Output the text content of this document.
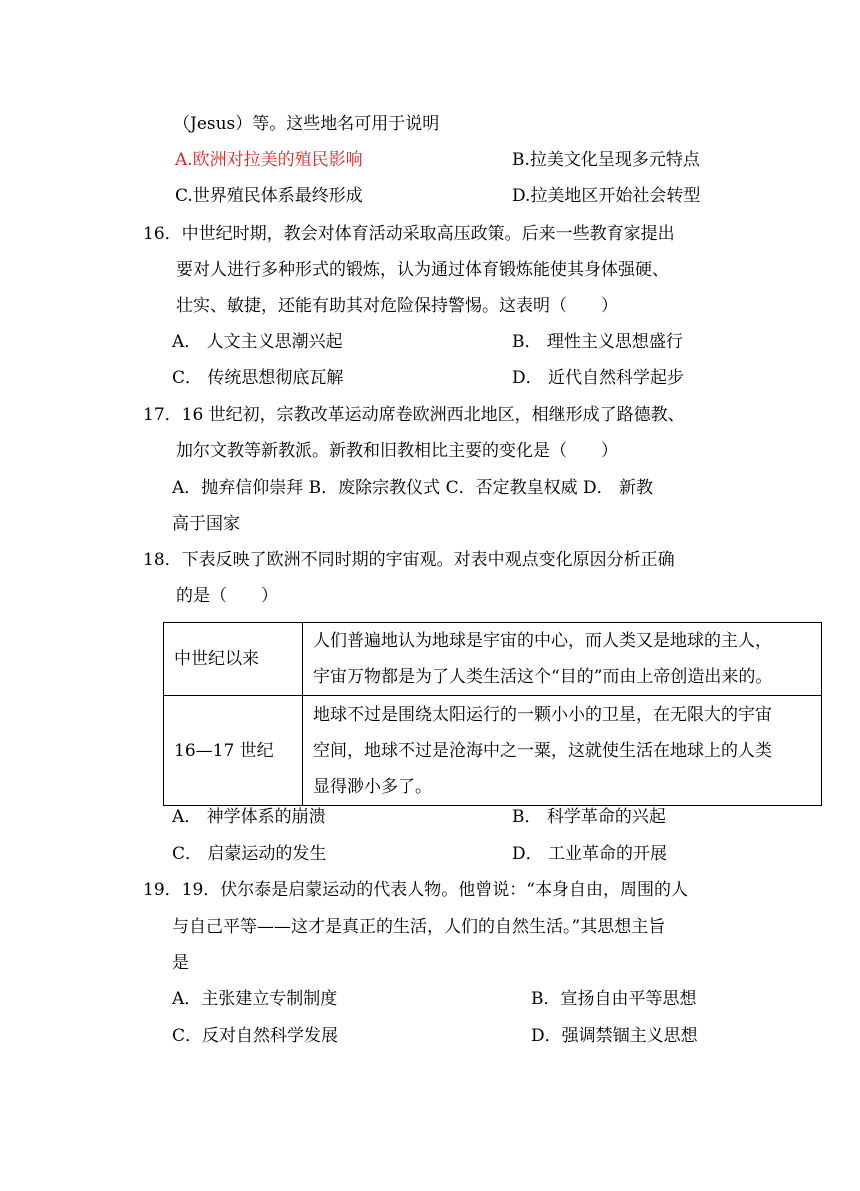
（Jesus）等。这些地名可用于说明
A.欧洲对拉美的殖民影响	B.拉美文化呈现多元特点
C.世界殖民体系最终形成	D.拉美地区开始社会转型
16．中世纪时期，教会对体育活动采取高压政策。后来一些教育家提出
要对人进行多种形式的锻炼，认为通过体育锻炼能使其身体强硬、
壮实、敏捷，还能有助其对危险保持警惕。这表明（　　）
A． 人文主义思潮兴起	B． 理性主义思想盛行
C． 传统思想彻底瓦解	D． 近代自然科学起步
17．16 世纪初，宗教改革运动席卷欧洲西北地区，相继形成了路德教、
加尔文教等新教派。新教和旧教相比主要的变化是（　　）
A．抛弃信仰崇拜 B．废除宗教仪式 C．否定教皇权威 D． 新教
高于国家
18．下表反映了欧洲不同时期的宇宙观。对表中观点变化原因分析正确
的是（　　）
中世纪以来	人们普遍地认为地球是宇宙的中心，而人类又是地球的主人，
宇宙万物都是为了人类生活这个“目的”而由上帝创造出来的。

16—17 世纪	地球不过是围绕太阳运行的一颗小小的卫星，在无限大的宇宙
空间，地球不过是沧海中之一粟，这就使生活在地球上的人类
显得渺小多了。
A． 神学体系的崩溃	B． 科学革命的兴起
C． 启蒙运动的发生	D． 工业革命的开展
19．19．伏尔泰是启蒙运动的代表人物。他曾说：“本身自由，周围的人
与自己平等——这才是真正的生活，人们的自然生活。”其思想主旨
是
A．主张建立专制制度	B．宣扬自由平等思想
C．反对自然科学发展	D．强调禁锢主义思想
